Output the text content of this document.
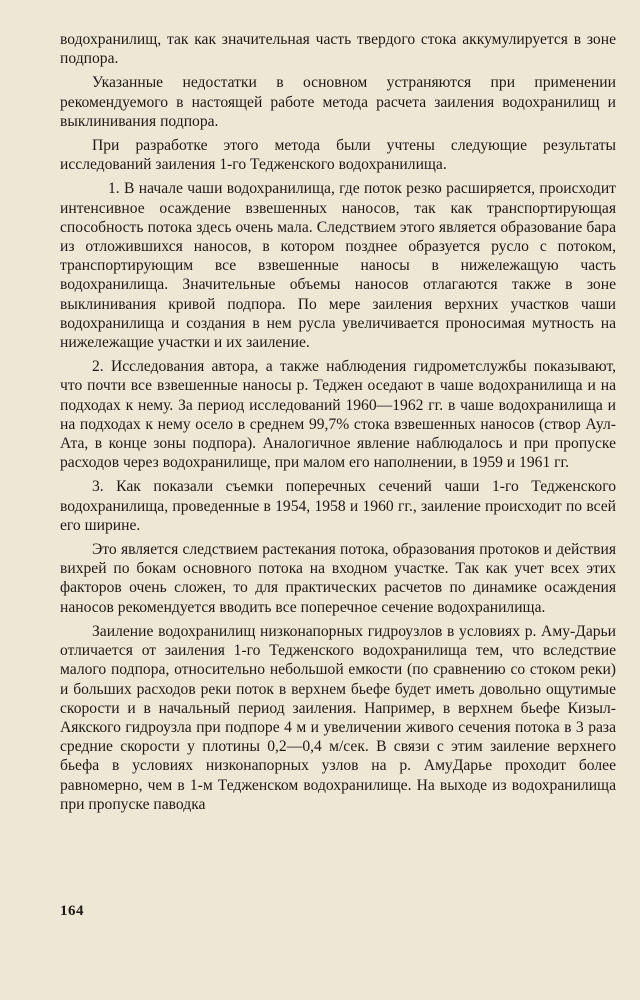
водохранилищ, так как значительная часть твердого стока аккумулируется в зоне подпора.

Указанные недостатки в основном устраняются при применении рекомендуемого в настоящей работе метода расчета заиления водохранилищ и выклинивания подпора.

При разработке этого метода были учтены следующие результаты исследований заиления 1-го Тедженского водохранилища.

1. В начале чаши водохранилища, где поток резко расширяется, происходит интенсивное осаждение взвешенных наносов, так как транспортирующая способность потока здесь очень мала. Следствием этого является образование бара из отложившихся наносов, в котором позднее образуется русло с потоком, транспортирующим все взвешенные наносы в нижележащую часть водохранилища. Значительные объемы наносов отлагаются также в зоне выклинивания кривой подпора. По мере заиления верхних участков чаши водохранилища и создания в нем русла увеличивается проносимая мутность на нижележащие участки и их заиление.

2. Исследования автора, а также наблюдения гидрометслужбы показывают, что почти все взвешенные наносы р. Теджен оседают в чаше водохранилища и на подходах к нему. За период исследований 1960—1962 гг. в чаше водохранилища и на подходах к нему осело в среднем 99,7% стока взвешенных наносов (створ Аул-Ата, в конце зоны подпора). Аналогичное явление наблюдалось и при пропуске расходов через водохранилище, при малом его наполнении, в 1959 и 1961 гг.

3. Как показали съемки поперечных сечений чаши 1-го Тедженского водохранилища, проведенные в 1954, 1958 и 1960 гг., заиление происходит по всей его ширине.

Это является следствием растекания потока, образования протоков и действия вихрей по бокам основного потока на входном участке. Так как учет всех этих факторов очень сложен, то для практических расчетов по динамике осаждения наносов рекомендуется вводить все поперечное сечение водохранилища.

Заиление водохранилищ низконапорных гидроузлов в условиях р. Аму-Дарьи отличается от заиления 1-го Тедженского водохранилища тем, что вследствие малого подпора, относительно небольшой емкости (по сравнению со стоком реки) и больших расходов реки поток в верхнем бьефе будет иметь довольно ощутимые скорости и в начальный период заиления. Например, в верхнем бьефе Кизыл-Аякского гидроузла при подпоре 4 м и увеличении живого сечения потока в 3 раза средние скорости у плотины 0,2—0,4 м/сек. В связи с этим заиление верхнего бьефа в условиях низконапорных узлов на р. АмуДарье проходит более равномерно, чем в 1-м Тедженском водохранилище. На выходе из водохранилища при пропуске паводка

164
